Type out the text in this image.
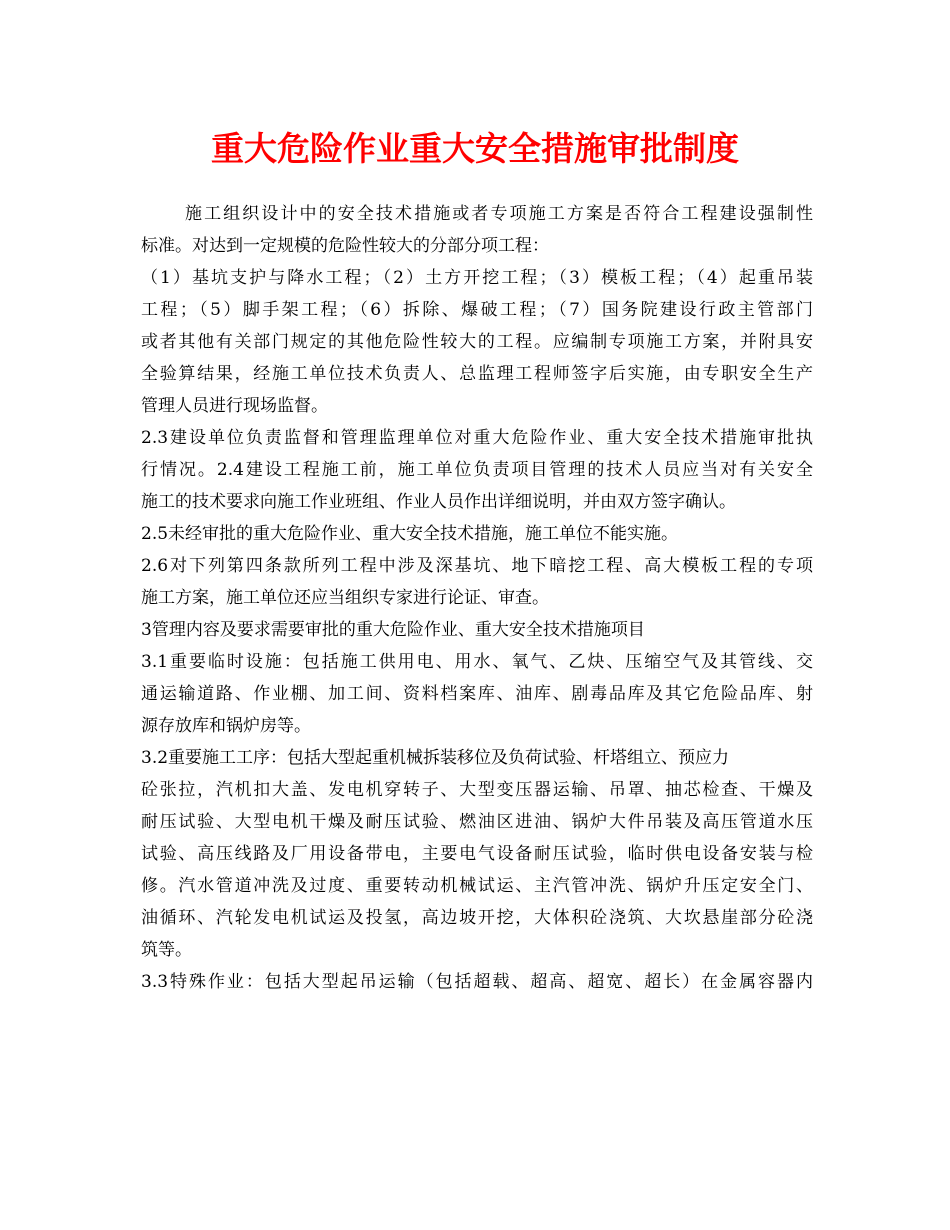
重大危险作业重大安全措施审批制度
施工组织设计中的安全技术措施或者专项施工方案是否符合工程建设强制性
标准。对达到一定规模的危险性较大的分部分项工程：
（1）基坑支护与降水工程；（2）土方开挖工程；（3）模板工程；（4）起重吊装
工程；（5）脚手架工程；（6）拆除、爆破工程；（7）国务院建设行政主管部门
或者其他有关部门规定的其他危险性较大的工程。应编制专项施工方案，并附具安
全验算结果，经施工单位技术负责人、总监理工程师签字后实施，由专职安全生产
管理人员进行现场监督。
2.3建设单位负责监督和管理监理单位对重大危险作业、重大安全技术措施审批执
行情况。2.4建设工程施工前，施工单位负责项目管理的技术人员应当对有关安全
施工的技术要求向施工作业班组、作业人员作出详细说明，并由双方签字确认。
2.5未经审批的重大危险作业、重大安全技术措施，施工单位不能实施。
2.6对下列第四条款所列工程中涉及深基坑、地下暗挖工程、高大模板工程的专项
施工方案，施工单位还应当组织专家进行论证、审查。
3管理内容及要求需要审批的重大危险作业、重大安全技术措施项目
3.1重要临时设施：包括施工供用电、用水、氧气、乙炔、压缩空气及其管线、交
通运输道路、作业棚、加工间、资料档案库、油库、剧毒品库及其它危险品库、射
源存放库和锅炉房等。
3.2重要施工工序：包括大型起重机械拆装移位及负荷试验、杆塔组立、预应力
砼张拉，汽机扣大盖、发电机穿转子、大型变压器运输、吊罩、抽芯检查、干燥及
耐压试验、大型电机干燥及耐压试验、燃油区进油、锅炉大件吊装及高压管道水压
试验、高压线路及厂用设备带电，主要电气设备耐压试验，临时供电设备安装与检
修。汽水管道冲洗及过度、重要转动机械试运、主汽管冲洗、锅炉升压定安全门、
油循环、汽轮发电机试运及投氢，高边坡开挖，大体积砼浇筑、大坎悬崖部分砼浇
筑等。
3.3特殊作业：包括大型起吊运输（包括超载、超高、超宽、超长）在金属容器内
